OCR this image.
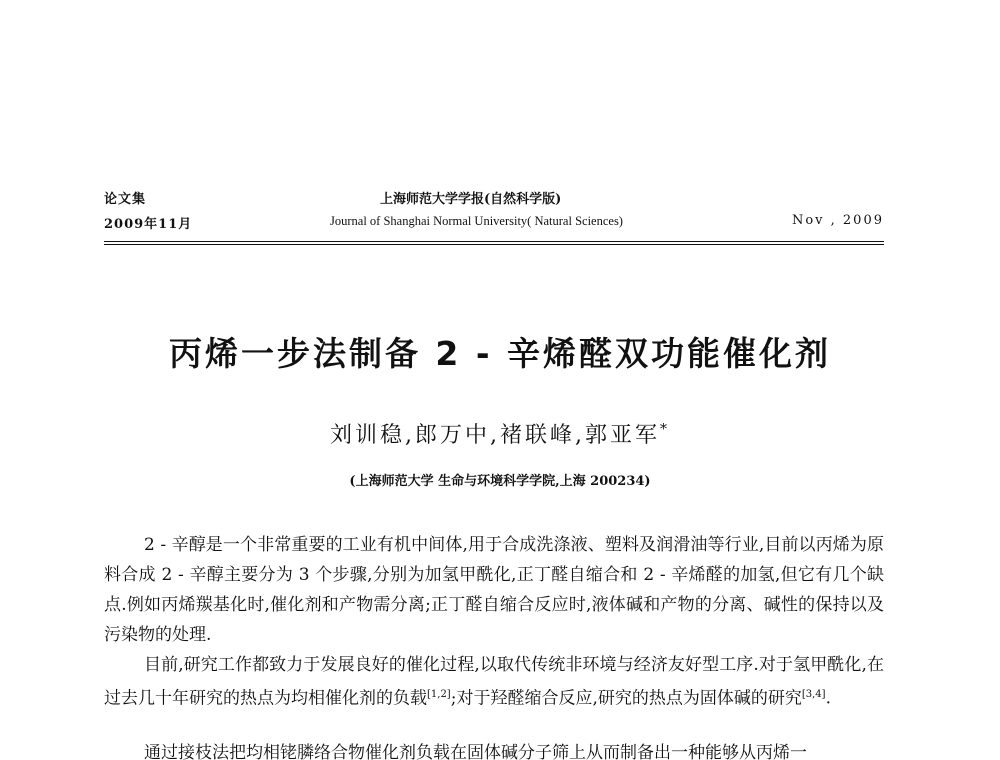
论文集
2009年11月
上海师范大学学报(自然科学版)
Journal of Shanghai Normal University( Natural Sciences)	Nov , 2009
丙烯一步法制备 2 - 辛烯醛双功能催化剂
刘训稳,郎万中,褚联峰,郭亚军*
(上海师范大学 生命与环境科学学院,上海 200234)

2 - 辛醇是一个非常重要的工业有机中间体,用于合成洗涤液、塑料及润滑油等行业,目前以丙烯为原料合成 2 - 辛醇主要分为 3 个步骤,分别为加氢甲酰化,正丁醛自缩合和 2 - 辛烯醛的加氢,但它有几个缺点.例如丙烯羰基化时,催化剂和产物需分离;正丁醛自缩合反应时,液体碱和产物的分离、碱性的保持以及污染物的处理.

目前,研究工作都致力于发展良好的催化过程,以取代传统非环境与经济友好型工序.对于氢甲酰化,在过去几十年研究的热点为均相催化剂的负载[1,2];对于羟醛缩合反应,研究的热点为固体碱的研究[3,4].

通过接枝法把均相铑膦络合物催化剂负载在固体碱分子筛上从而制备出一种能够从丙烯一
